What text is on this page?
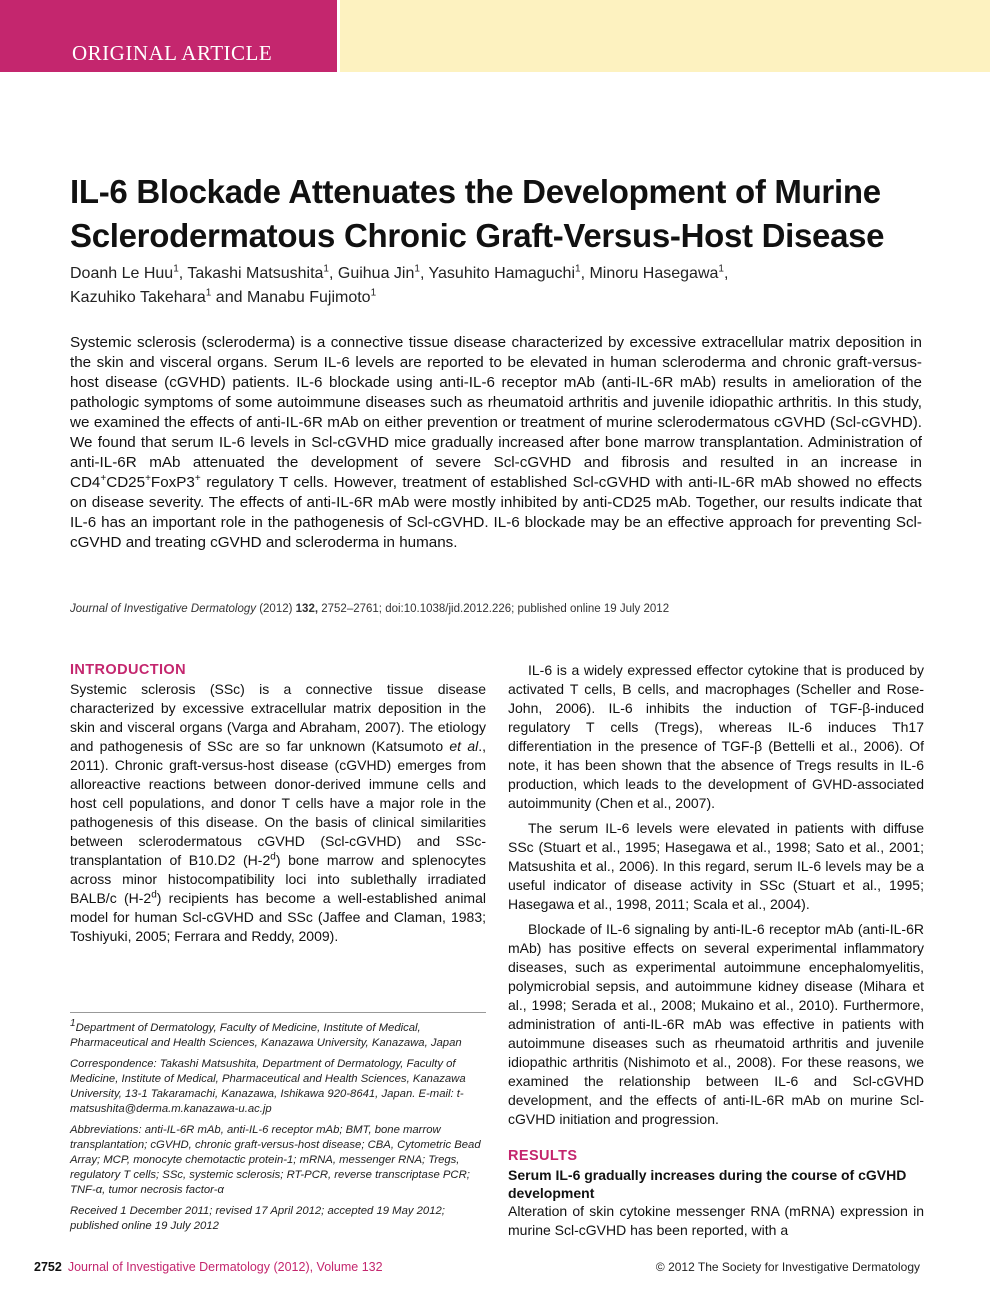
ORIGINAL ARTICLE
IL-6 Blockade Attenuates the Development of Murine Sclerodermatous Chronic Graft-Versus-Host Disease
Doanh Le Huu$^1$, Takashi Matsushita$^1$, Guihua Jin$^1$, Yasuhito Hamaguchi$^1$, Minoru Hasegawa$^1$,
Kazuhiko Takehara$^1$ and Manabu Fujimoto$^1$

Systemic sclerosis (scleroderma) is a connective tissue disease characterized by excessive extracellular matrix deposition in the skin and visceral organs. Serum IL-6 levels are reported to be elevated in human scleroderma and chronic graft-versus-host disease (cGVHD) patients. IL-6 blockade using anti-IL-6 receptor mAb (anti-IL-6R mAb) results in amelioration of the pathologic symptoms of some autoimmune diseases such as rheumatoid arthritis and juvenile idiopathic arthritis. In this study, we examined the effects of anti-IL-6R mAb on either prevention or treatment of murine sclerodermatous cGVHD (Scl-cGVHD). We found that serum IL-6 levels in Scl-cGVHD mice gradually increased after bone marrow transplantation. Administration of anti-IL-6R mAb attenuated the development of severe Scl-cGVHD and fibrosis and resulted in an increase in CD4+CD25+FoxP3+ regulatory T cells. However, treatment of established Scl-cGVHD with anti-IL-6R mAb showed no effects on disease severity. The effects of anti-IL-6R mAb were mostly inhibited by anti-CD25 mAb. Together, our results indicate that IL-6 has an important role in the pathogenesis of Scl-cGVHD. IL-6 blockade may be an effective approach for preventing Scl-cGVHD and treating cGVHD and scleroderma in humans.

Journal of Investigative Dermatology (2012) 132, 2752–2761; doi:10.1038/jid.2012.226; published online 19 July 2012
INTRODUCTION

Systemic sclerosis (SSc) is a connective tissue disease characterized by excessive extracellular matrix deposition in the skin and visceral organs (Varga and Abraham, 2007). The etiology and pathogenesis of SSc are so far unknown (Katsumoto et al., 2011). Chronic graft-versus-host disease (cGVHD) emerges from alloreactive reactions between donor-derived immune cells and host cell populations, and donor T cells have a major role in the pathogenesis of this disease. On the basis of clinical similarities between sclerodermatous cGVHD (Scl-cGVHD) and SSc-transplantation of B10.D2 (H-2$^d$) bone marrow and splenocytes across minor histocompatibility loci into sublethally irradiated BALB/c (H-2$^d$) recipients has become a well-established animal model for human Scl-cGVHD and SSc (Jaffee and Claman, 1983; Toshiyuki, 2005; Ferrara and Reddy, 2009).

$^1$Department of Dermatology, Faculty of Medicine, Institute of Medical, Pharmaceutical and Health Sciences, Kanazawa University, Kanazawa, Japan

Correspondence: Takashi Matsushita, Department of Dermatology, Faculty of Medicine, Institute of Medical, Pharmaceutical and Health Sciences, Kanazawa University, 13-1 Takaramachi, Kanazawa, Ishikawa 920-8641, Japan. E-mail: t-matsushita@derma.m.kanazawa-u.ac.jp

Abbreviations: anti-IL-6R mAb, anti-IL-6 receptor mAb; BMT, bone marrow transplantation; cGVHD, chronic graft-versus-host disease; CBA, Cytometric Bead Array; MCP, monocyte chemotactic protein-1; mRNA, messenger RNA; Tregs, regulatory T cells; SSc, systemic sclerosis; RT-PCR, reverse transcriptase PCR; TNF-α, tumor necrosis factor-α

Received 1 December 2011; revised 17 April 2012; accepted 19 May 2012; published online 19 July 2012

IL-6 is a widely expressed effector cytokine that is produced by activated T cells, B cells, and macrophages (Scheller and Rose-John, 2006). IL-6 inhibits the induction of TGF-β-induced regulatory T cells (Tregs), whereas IL-6 induces Th17 differentiation in the presence of TGF-β (Bettelli et al., 2006). Of note, it has been shown that the absence of Tregs results in IL-6 production, which leads to the development of GVHD-associated autoimmunity (Chen et al., 2007).

The serum IL-6 levels were elevated in patients with diffuse SSc (Stuart et al., 1995; Hasegawa et al., 1998; Sato et al., 2001; Matsushita et al., 2006). In this regard, serum IL-6 levels may be a useful indicator of disease activity in SSc (Stuart et al., 1995; Hasegawa et al., 1998, 2011; Scala et al., 2004).

Blockade of IL-6 signaling by anti-IL-6 receptor mAb (anti-IL-6R mAb) has positive effects on several experimental inflammatory diseases, such as experimental autoimmune encephalomyelitis, polymicrobial sepsis, and autoimmune kidney disease (Mihara et al., 1998; Serada et al., 2008; Mukaino et al., 2010). Furthermore, administration of anti-IL-6R mAb was effective in patients with autoimmune diseases such as rheumatoid arthritis and juvenile idiopathic arthritis (Nishimoto et al., 2008). For these reasons, we examined the relationship between IL-6 and Scl-cGVHD development, and the effects of anti-IL-6R mAb on murine Scl-cGVHD initiation and progression.

RESULTS
Serum IL-6 gradually increases during the course of cGVHD development

Alteration of skin cytokine messenger RNA (mRNA) expression in murine Scl-cGVHD has been reported, with a

2752 Journal of Investigative Dermatology (2012), Volume 132	© 2012 The Society for Investigative Dermatology
